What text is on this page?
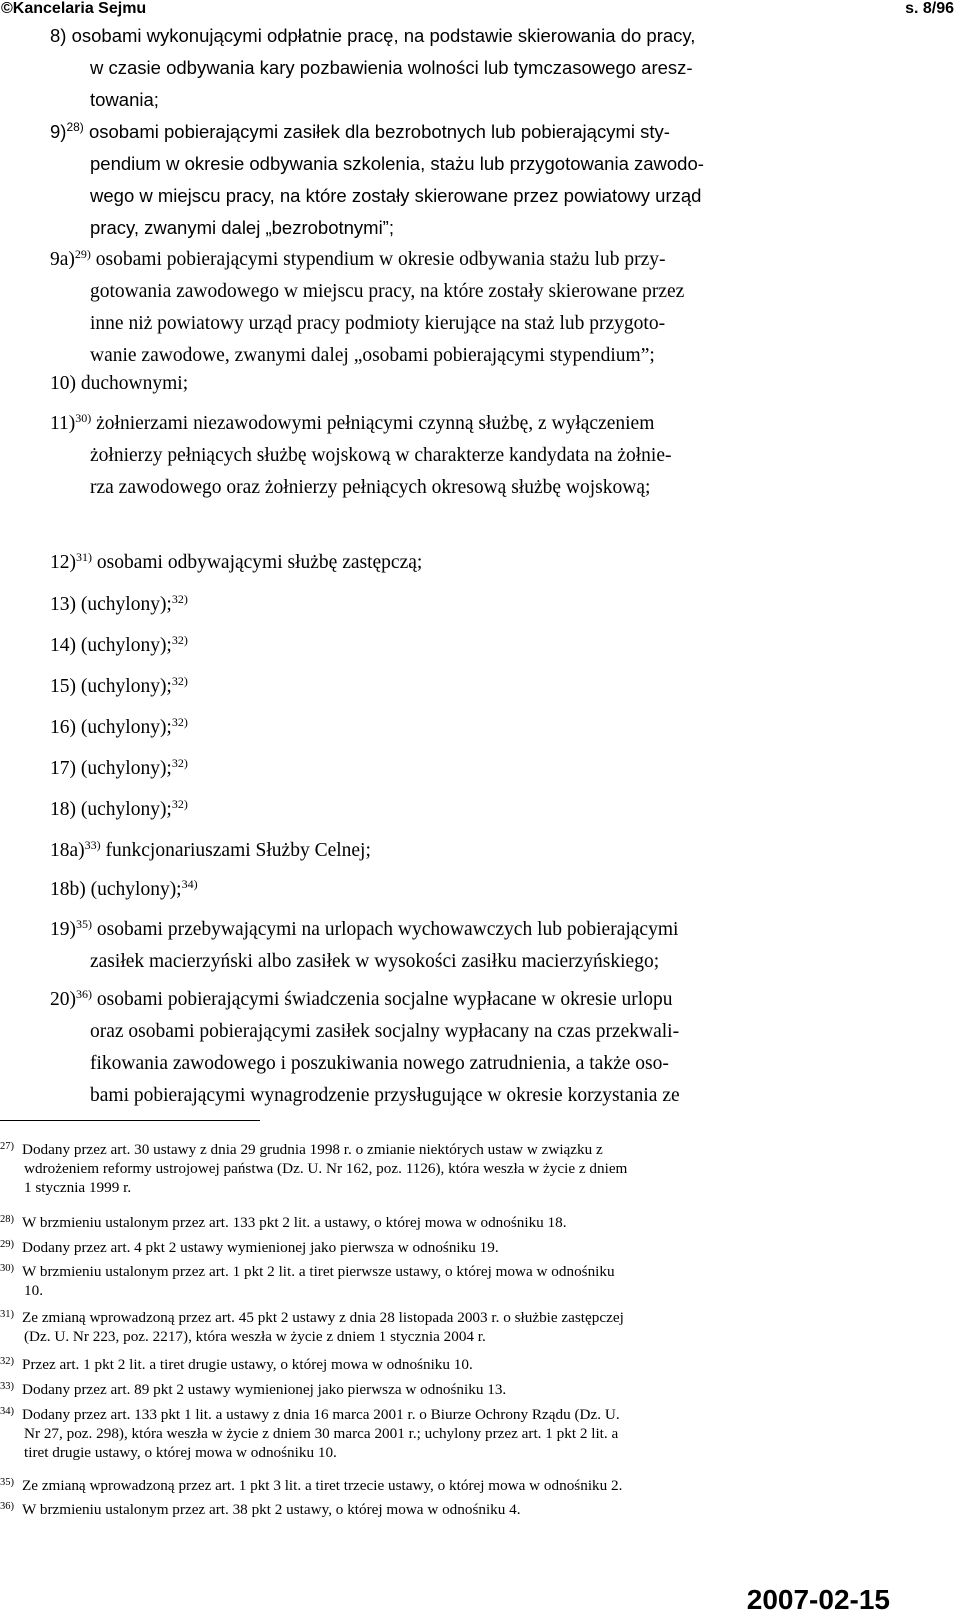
©Kancelaria Sejmu	s. 8/96
8) osobami wykonującymi odpłatnie pracę, na podstawie skierowania do pracy,
w czasie odbywania kary pozbawienia wolności lub tymczasowego aresz-
towania;
9)$^{28)}$ osobami pobierającymi zasiłek dla bezrobotnych lub pobierającymi sty-
pendium w okresie odbywania szkolenia, stażu lub przygotowania zawodo-
wego w miejscu pracy, na które zostały skierowane przez powiatowy urząd
pracy, zwanymi dalej „bezrobotnymi”;
9a)$^{29)}$ osobami pobierającymi stypendium w okresie odbywania stażu lub przy-
gotowania zawodowego w miejscu pracy, na które zostały skierowane przez
inne niż powiatowy urząd pracy podmioty kierujące na staż lub przygoto-
wanie zawodowe, zwanymi dalej „osobami pobierającymi stypendium”;
10) duchownymi;
11)$^{30)}$ żołnierzami niezawodowymi pełniącymi czynną służbę, z wyłączeniem
żołnierzy pełniących służbę wojskową w charakterze kandydata na żołnie-
rza zawodowego oraz żołnierzy pełniących okresową służbę wojskową;
12)$^{31)}$ osobami odbywającymi służbę zastępczą;
13) (uchylony);$^{32)}$
14) (uchylony);$^{32)}$
15) (uchylony);$^{32)}$
16) (uchylony);$^{32)}$
17) (uchylony);$^{32)}$
18) (uchylony);$^{32)}$
18a)$^{33)}$ funkcjonariuszami Służby Celnej;
18b) (uchylony);$^{34)}$
19)$^{35)}$ osobami przebywającymi na urlopach wychowawczych lub pobierającymi
zasiłek macierzyński albo zasiłek w wysokości zasiłku macierzyńskiego;
20)$^{36)}$ osobami pobierającymi świadczenia socjalne wypłacane w okresie urlopu
oraz osobami pobierającymi zasiłek socjalny wypłacany na czas przekwali-
fikowania zawodowego i poszukiwania nowego zatrudnienia, a także oso-
bami pobierającymi wynagrodzenie przysługujące w okresie korzystania ze
$^{27)}$ Dodany przez art. 30 ustawy z dnia 29 grudnia 1998 r. o zmianie niektórych ustaw w związku z
wdrożeniem reformy ustrojowej państwa (Dz. U. Nr 162, poz. 1126), która weszła w życie z dniem
1 stycznia 1999 r.
$^{28)}$ W brzmieniu ustalonym przez art. 133 pkt 2 lit. a ustawy, o której mowa w odnośniku 18.
$^{29)}$ Dodany przez art. 4 pkt 2 ustawy wymienionej jako pierwsza w odnośniku 19.
$^{30)}$ W brzmieniu ustalonym przez art. 1 pkt 2 lit. a tiret pierwsze ustawy, o której mowa w odnośniku
10.
$^{31)}$ Ze zmianą wprowadzoną przez art. 45 pkt 2 ustawy z dnia 28 listopada 2003 r. o służbie zastępczej
(Dz. U. Nr 223, poz. 2217), która weszła w życie z dniem 1 stycznia 2004 r.
$^{32)}$ Przez art. 1 pkt 2 lit. a tiret drugie ustawy, o której mowa w odnośniku 10.
$^{33)}$ Dodany przez art. 89 pkt 2 ustawy wymienionej jako pierwsza w odnośniku 13.
$^{34)}$ Dodany przez art. 133 pkt 1 lit. a ustawy z dnia 16 marca 2001 r. o Biurze Ochrony Rządu (Dz. U.
Nr 27, poz. 298), która weszła w życie z dniem 30 marca 2001 r.; uchylony przez art. 1 pkt 2 lit. a
tiret drugie ustawy, o której mowa w odnośniku 10.
$^{35)}$ Ze zmianą wprowadzoną przez art. 1 pkt 3 lit. a tiret trzecie ustawy, o której mowa w odnośniku 2.
$^{36)}$ W brzmieniu ustalonym przez art. 38 pkt 2 ustawy, o której mowa w odnośniku 4.
2007-02-15
